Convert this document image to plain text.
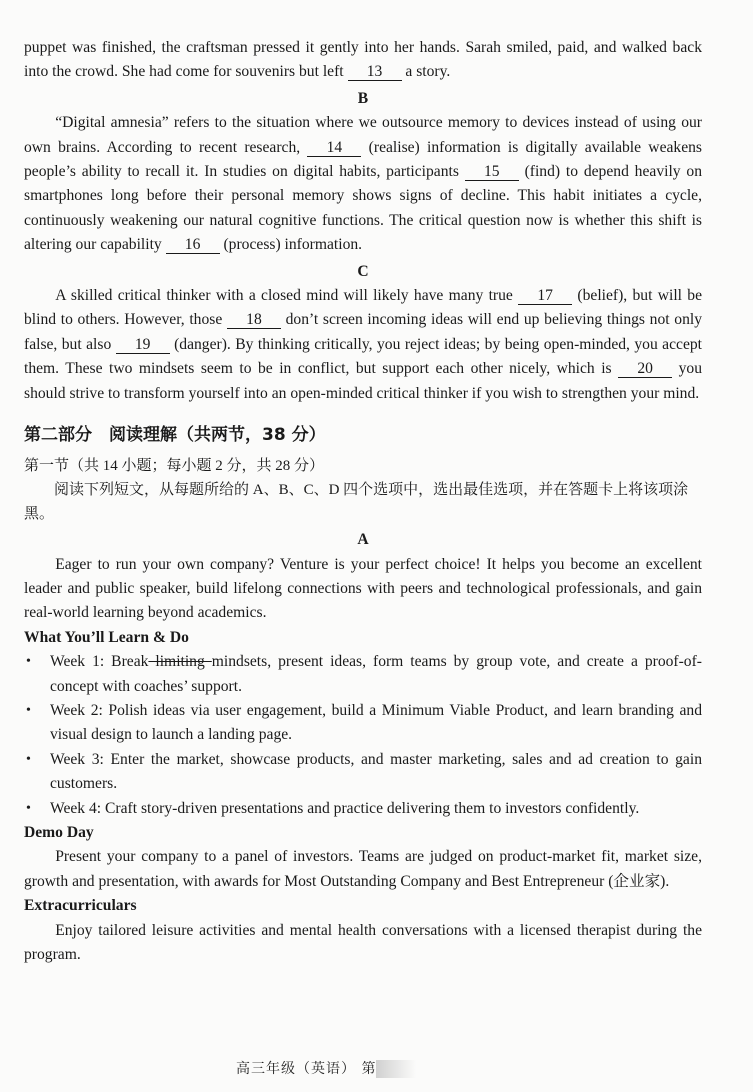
puppet was finished, the craftsman pressed it gently into her hands. Sarah smiled, paid, and walked back into the crowd. She had come for souvenirs but left 13 a story.

B

“Digital amnesia” refers to the situation where we outsource memory to devices instead of using our own brains. According to recent research, 14 (realise) information is digitally available weakens people’s ability to recall it. In studies on digital habits, participants 15 (find) to depend heavily on smartphones long before their personal memory shows signs of decline. This habit initiates a cycle, continuously weakening our natural cognitive functions. The critical question now is whether this shift is altering our capability 16 (process) information.

C

A skilled critical thinker with a closed mind will likely have many true 17 (belief), but will be blind to others. However, those 18 don’t screen incoming ideas will end up believing things not only false, but also 19 (danger). By thinking critically, you reject ideas; by being open-minded, you accept them. These two mindsets seem to be in conflict, but support each other nicely, which is 20 you should strive to transform yourself into an open-minded critical thinker if you wish to strengthen your mind.

第二部分　阅读理解（共两节，38 分）
第一节（共 14 小题；每小题 2 分，共 28 分）

阅读下列短文，从每题所给的 A、B、C、D 四个选项中，选出最佳选项，并在答题卡上将该项涂黑。

A

Eager to run your own company? Venture is your perfect choice! It helps you become an excellent leader and public speaker, build lifelong connections with peers and technological professionals, and gain real-world learning beyond academics.

What You’ll Learn & Do
• Week 1: Break limiting mindsets, present ideas, form teams by group vote, and create a proof-of-concept with coaches’ support.
• Week 2: Polish ideas via user engagement, build a Minimum Viable Product, and learn branding and visual design to launch a landing page.
• Week 3: Enter the market, showcase products, and master marketing, sales and ad creation to gain customers.
• Week 4: Craft story-driven presentations and practice delivering them to investors confidently.
Demo Day

Present your company to a panel of investors. Teams are judged on product-market fit, market size, growth and presentation, with awards for Most Outstanding Company and Best Entrepreneur (企业家).

Extracurriculars

Enjoy tailored leisure activities and mental health conversations with a licensed therapist during the program.

高三年级（英语） 第
